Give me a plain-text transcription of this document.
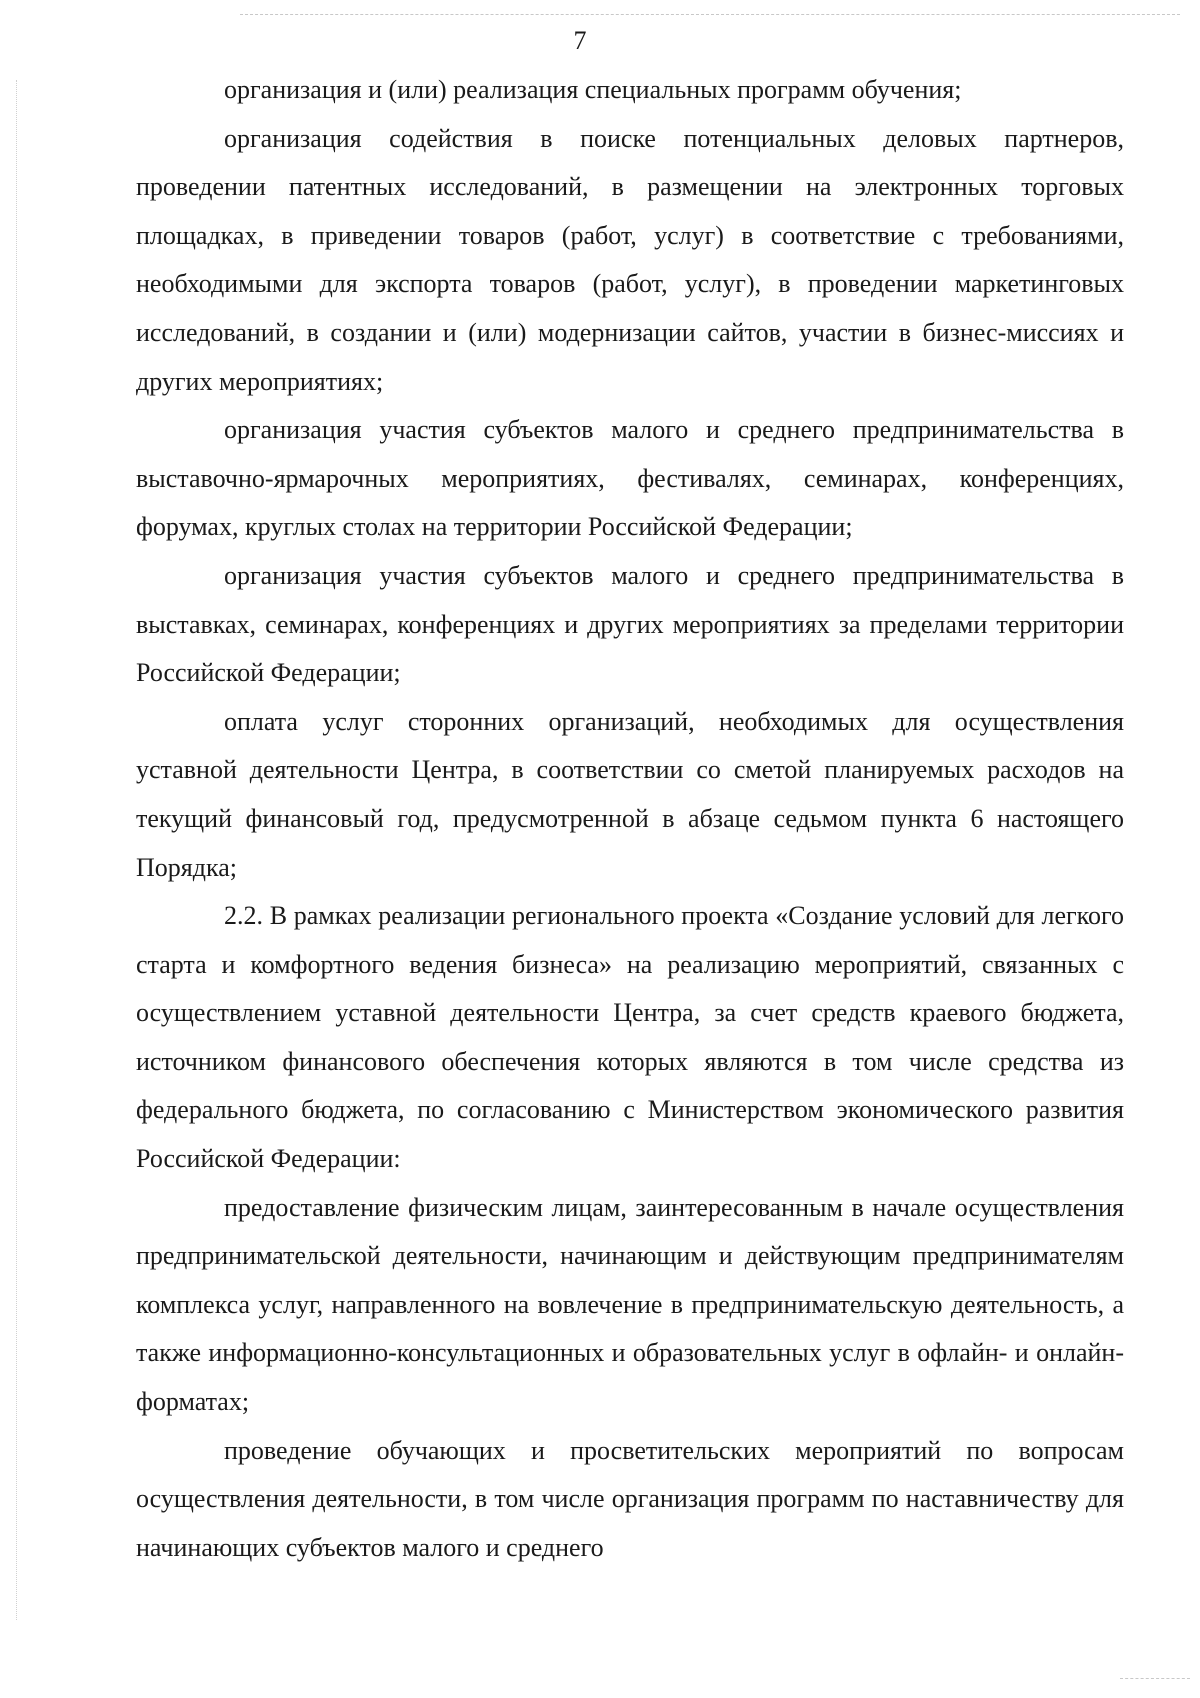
7

организация и (или) реализация специальных программ обучения;

организация содействия в поиске потенциальных деловых партнеров, проведении патентных исследований, в размещении на электронных торговых площадках, в приведении товаров (работ, услуг) в соответствие с требованиями, необходимыми для экспорта товаров (работ, услуг), в проведении маркетинговых исследований, в создании и (или) модернизации сайтов, участии в бизнес-миссиях и других мероприятиях;

организация участия субъектов малого и среднего предпринимательства в выставочно-ярмарочных мероприятиях, фестивалях, семинарах, конференциях, форумах, круглых столах на территории Российской Федерации;

организация участия субъектов малого и среднего предпринимательства в выставках, семинарах, конференциях и других мероприятиях за пределами территории Российской Федерации;

оплата услуг сторонних организаций, необходимых для осуществления уставной деятельности Центра, в соответствии со сметой планируемых расходов на текущий финансовый год, предусмотренной в абзаце седьмом пункта 6 настоящего Порядка;

2.2. В рамках реализации регионального проекта «Создание условий для легкого старта и комфортного ведения бизнеса» на реализацию мероприятий, связанных с осуществлением уставной деятельности Центра, за счет средств краевого бюджета, источником финансового обеспечения которых являются в том числе средства из федерального бюджета, по согласованию с Министерством экономического развития Российской Федерации:

предоставление физическим лицам, заинтересованным в начале осуществления предпринимательской деятельности, начинающим и действующим предпринимателям комплекса услуг, направленного на вовлечение в предпринимательскую деятельность, а также информационно-консультационных и образовательных услуг в офлайн- и онлайн-форматах;

проведение обучающих и просветительских мероприятий по вопросам осуществления деятельности, в том числе организация программ по наставничеству для начинающих субъектов малого и среднего
